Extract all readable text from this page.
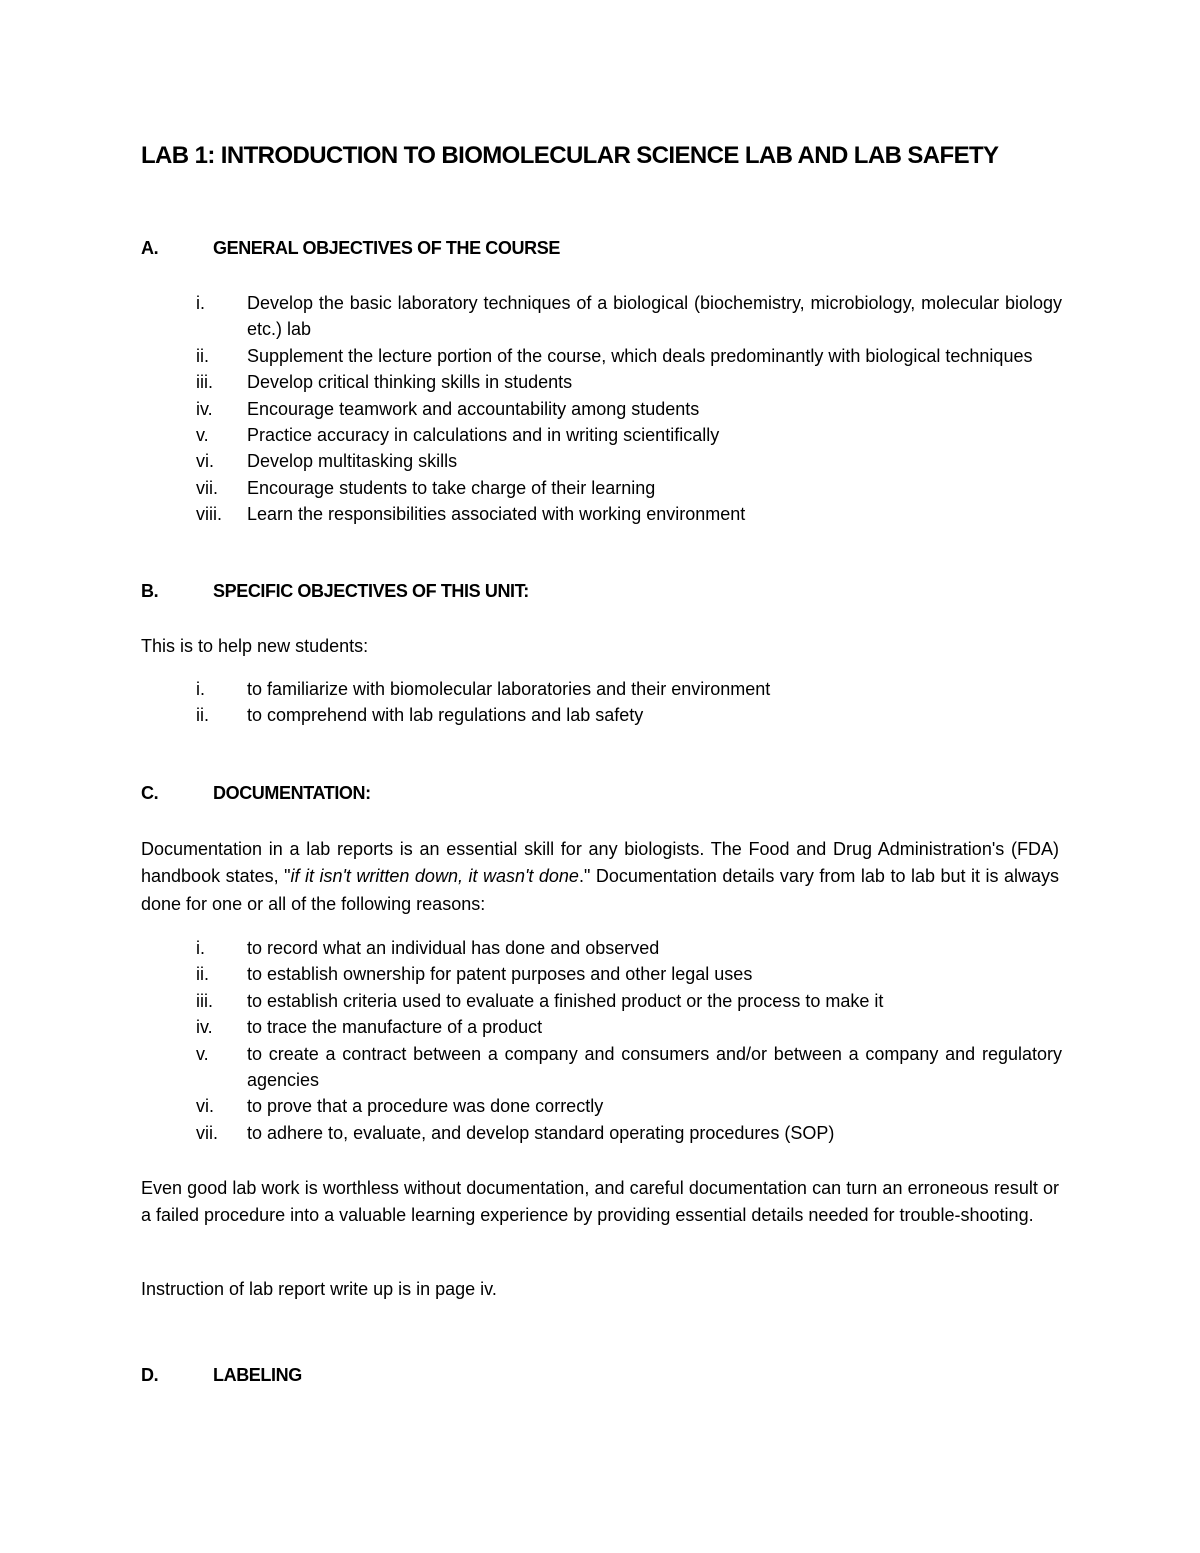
LAB 1: INTRODUCTION TO BIOMOLECULAR SCIENCE LAB AND LAB SAFETY
A.	GENERAL OBJECTIVES OF THE COURSE
i.	Develop the basic laboratory techniques of a biological (biochemistry, microbiology, molecular biology etc.) lab
ii.	Supplement the lecture portion of the course, which deals predominantly with biological techniques
iii.	Develop critical thinking skills in students
iv.	Encourage teamwork and accountability among students
v.	Practice accuracy in calculations and in writing scientifically
vi.	Develop multitasking skills
vii.	Encourage students to take charge of their learning
viii.	Learn the responsibilities associated with working environment
B.	SPECIFIC OBJECTIVES OF THIS UNIT:

This is to help new students:

i.	to familiarize with biomolecular laboratories and their environment
ii.	to comprehend with lab regulations and lab safety
C.	DOCUMENTATION:

Documentation in a lab reports is an essential skill for any biologists. The Food and Drug Administration's (FDA) handbook states, "if it isn't written down, it wasn't done." Documentation details vary from lab to lab but it is always done for one or all of the following reasons:

i.	to record what an individual has done and observed
ii.	to establish ownership for patent purposes and other legal uses
iii.	to establish criteria used to evaluate a finished product or the process to make it
iv.	to trace the manufacture of a product
v.	to create a contract between a company and consumers and/or between a company and regulatory agencies
vi.	to prove that a procedure was done correctly
vii.	to adhere to, evaluate, and develop standard operating procedures (SOP)

Even good lab work is worthless without documentation, and careful documentation can turn an erroneous result or a failed procedure into a valuable learning experience by providing essential details needed for trouble-shooting.

Instruction of lab report write up is in page iv.

D.	LABELING
